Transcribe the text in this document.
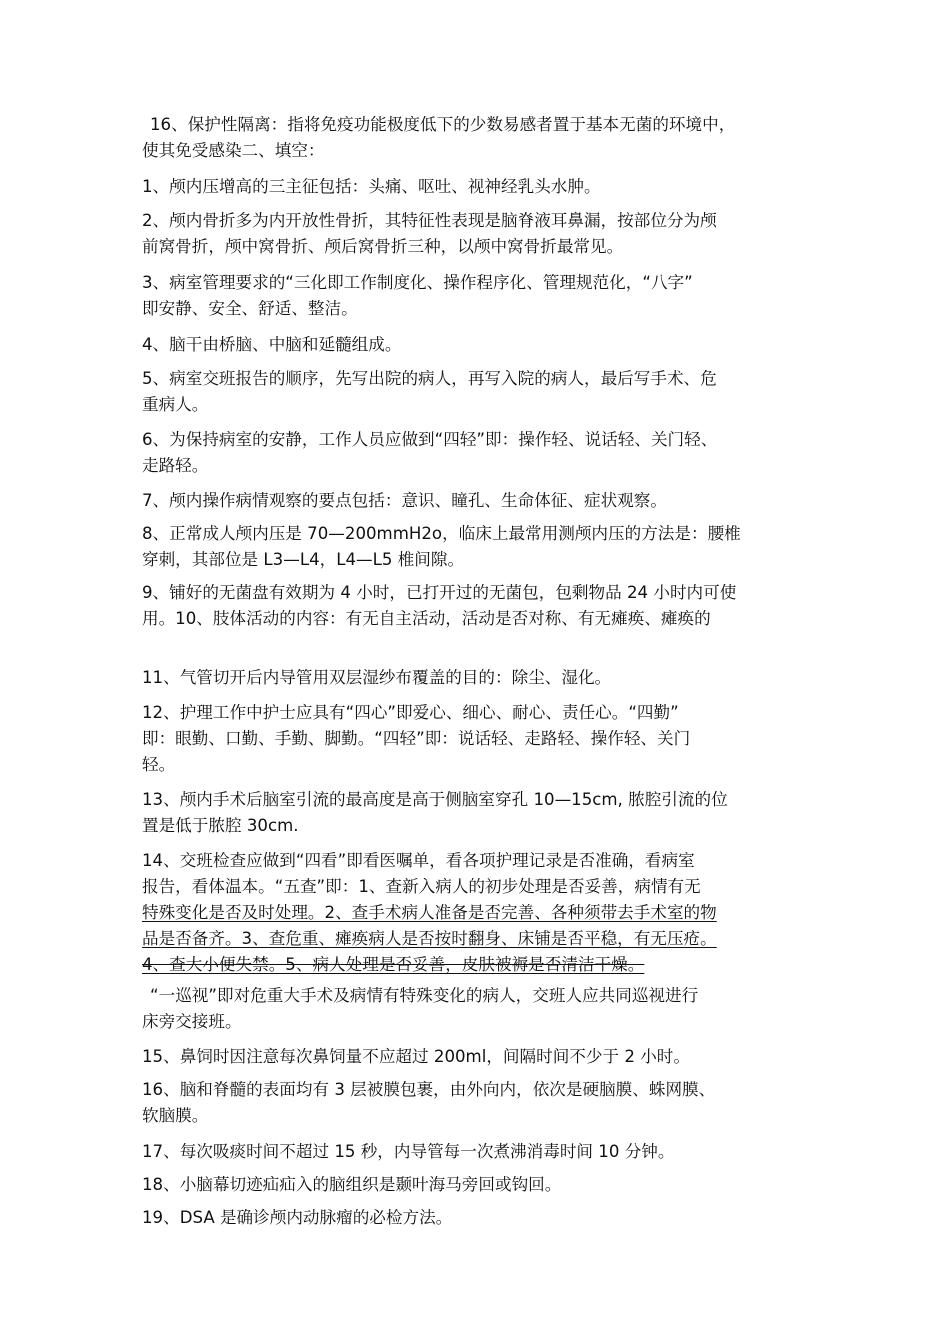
16、保护性隔离：指将免疫功能极度低下的少数易感者置于基本无菌的环境中，
使其免受感染二、填空：

1、颅内压增高的三主征包括：头痛、呕吐、视神经乳头水肿。

2、颅内骨折多为内开放性骨折，其特征性表现是脑脊液耳鼻漏，按部位分为颅
前窝骨折，颅中窝骨折、颅后窝骨折三种，以颅中窝骨折最常见。

3、病室管理要求的“三化即工作制度化、操作程序化、管理规范化，“八字”
即安静、安全、舒适、整洁。

4、脑干由桥脑、中脑和延髓组成。

5、病室交班报告的顺序，先写出院的病人，再写入院的病人，最后写手术、危
重病人。

6、为保持病室的安静，工作人员应做到“四轻”即：操作轻、说话轻、关门轻、
走路轻。

7、颅内操作病情观察的要点包括：意识、瞳孔、生命体征、症状观察。

8、正常成人颅内压是 70—200mmH2o，临床上最常用测颅内压的方法是：腰椎
穿刺，其部位是 L3—L4，L4—L5 椎间隙。

9、铺好的无菌盘有效期为 4 小时，已打开过的无菌包，包剩物品 24 小时内可使
用。10、肢体活动的内容：有无自主活动，活动是否对称、有无瘫痪、瘫痪的

11、气管切开后内导管用双层湿纱布覆盖的目的：除尘、湿化。

12、护理工作中护士应具有“四心”即爱心、细心、耐心、责任心。“四勤”
即：眼勤、口勤、手勤、脚勤。“四轻”即：说话轻、走路轻、操作轻、关门
轻。

13、颅内手术后脑室引流的最高度是高于侧脑室穿孔 10—15cm, 脓腔引流的位
置是低于脓腔 30cm.

14、交班检查应做到“四看”即看医嘱单，看各项护理记录是否准确，看病室
报告，看体温本。“五查”即：1、查新入病人的初步处理是否妥善，病情有无
特殊变化是否及时处理。2、查手术病人准备是否完善、各种须带去手术室的物
品是否备齐。3、查危重、瘫痪病人是否按时翻身、床铺是否平稳，有无压疮。
4、查大小便失禁。5、病人处理是否妥善，皮肤被褥是否清洁干燥。

“一巡视”即对危重大手术及病情有特殊变化的病人，交班人应共同巡视进行
床旁交接班。

15、鼻饲时因注意每次鼻饲量不应超过 200ml，间隔时间不少于 2 小时。

16、脑和脊髓的表面均有 3 层被膜包裹，由外向内，依次是硬脑膜、蛛网膜、
软脑膜。

17、每次吸痰时间不超过 15 秒，内导管每一次煮沸消毒时间 10 分钟。

18、小脑幕切迹疝疝入的脑组织是颞叶海马旁回或钩回。

19、DSA 是确诊颅内动脉瘤的必检方法。
